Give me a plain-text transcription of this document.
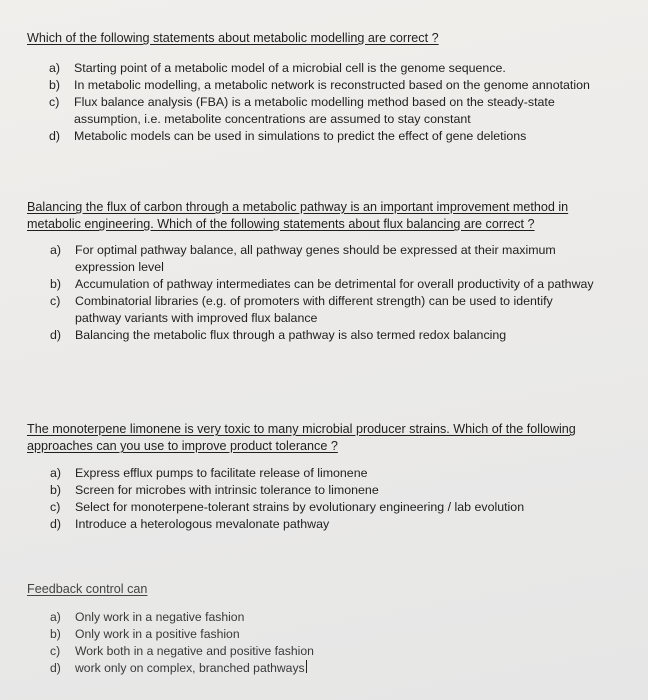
Which of the following statements about metabolic modelling are correct ?

a)	Starting point of a metabolic model of a microbial cell is the genome sequence.
b)	In metabolic modelling, a metabolic network is reconstructed based on the genome annotation
c)	Flux balance analysis (FBA) is a metabolic modelling method based on the steady-state assumption, i.e. metabolite concentrations are assumed to stay constant
d)	Metabolic models can be used in simulations to predict the effect of gene deletions

Balancing the flux of carbon through a metabolic pathway is an important improvement method in metabolic engineering. Which of the following statements about flux balancing are correct ?

a)	For optimal pathway balance, all pathway genes should be expressed at their maximum expression level
b)	Accumulation of pathway intermediates can be detrimental for overall productivity of a pathway
c)	Combinatorial libraries (e.g. of promoters with different strength) can be used to identify pathway variants with improved flux balance
d)	Balancing the metabolic flux through a pathway is also termed redox balancing

The monoterpene limonene is very toxic to many microbial producer strains. Which of the following approaches can you use to improve product tolerance ?

a)	Express efflux pumps to facilitate release of limonene
b)	Screen for microbes with intrinsic tolerance to limonene
c)	Select for monoterpene-tolerant strains by evolutionary engineering / lab evolution
d)	Introduce a heterologous mevalonate pathway

Feedback control can

a)	Only work in a negative fashion
b)	Only work in a positive fashion
c)	Work both in a negative and positive fashion
d)	work only on complex, branched pathways
